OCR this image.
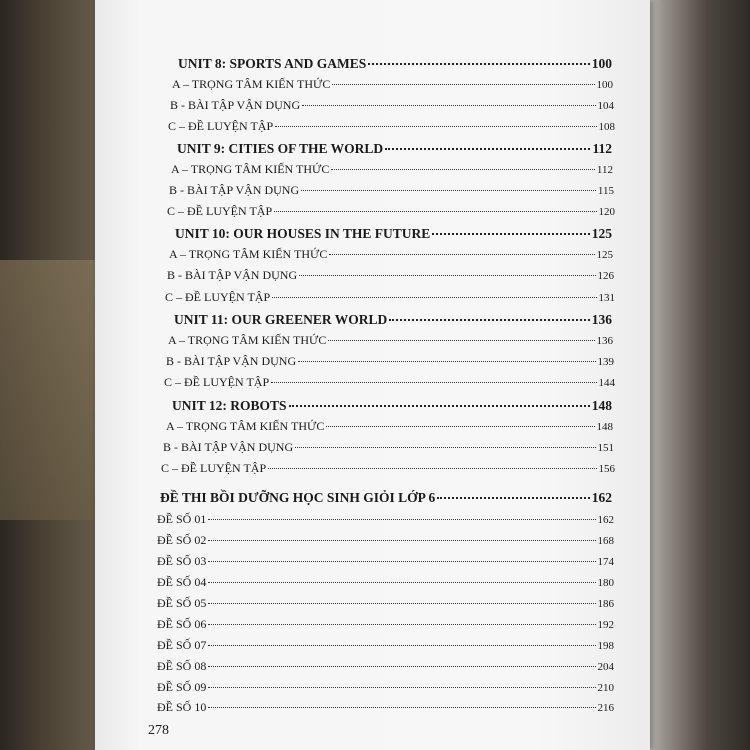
UNIT 8: SPORTS AND GAMES	100
A – TRỌNG TÂM KIẾN THỨC	100
B - BÀI TẬP VẬN DỤNG	104
C – ĐỀ LUYỆN TẬP	108
UNIT 9: CITIES OF THE WORLD	112
A – TRỌNG TÂM KIẾN THỨC	112
B - BÀI TẬP VẬN DỤNG	115
C – ĐỀ LUYỆN TẬP	120
UNIT 10: OUR HOUSES IN THE FUTURE	125
A – TRỌNG TÂM KIẾN THỨC	125
B - BÀI TẬP VẬN DỤNG	126
C – ĐỀ LUYỆN TẬP	131
UNIT 11: OUR GREENER WORLD	136
A – TRỌNG TÂM KIẾN THỨC	136
B - BÀI TẬP VẬN DỤNG	139
C – ĐỀ LUYỆN TẬP	144
UNIT 12: ROBOTS	148
A – TRỌNG TÂM KIẾN THỨC	148
B - BÀI TẬP VẬN DỤNG	151
C – ĐỀ LUYỆN TẬP	156
ĐỀ THI BỒI DƯỠNG HỌC SINH GIỎI LỚP 6	162
ĐỀ SỐ 01	162
ĐỀ SỐ 02	168
ĐỀ SỐ 03	174
ĐỀ SỐ 04	180
ĐỀ SỐ 05	186
ĐỀ SỐ 06	192
ĐỀ SỐ 07	198
ĐỀ SỐ 08	204
ĐỀ SỐ 09	210
ĐỀ SỐ 10	216
278
